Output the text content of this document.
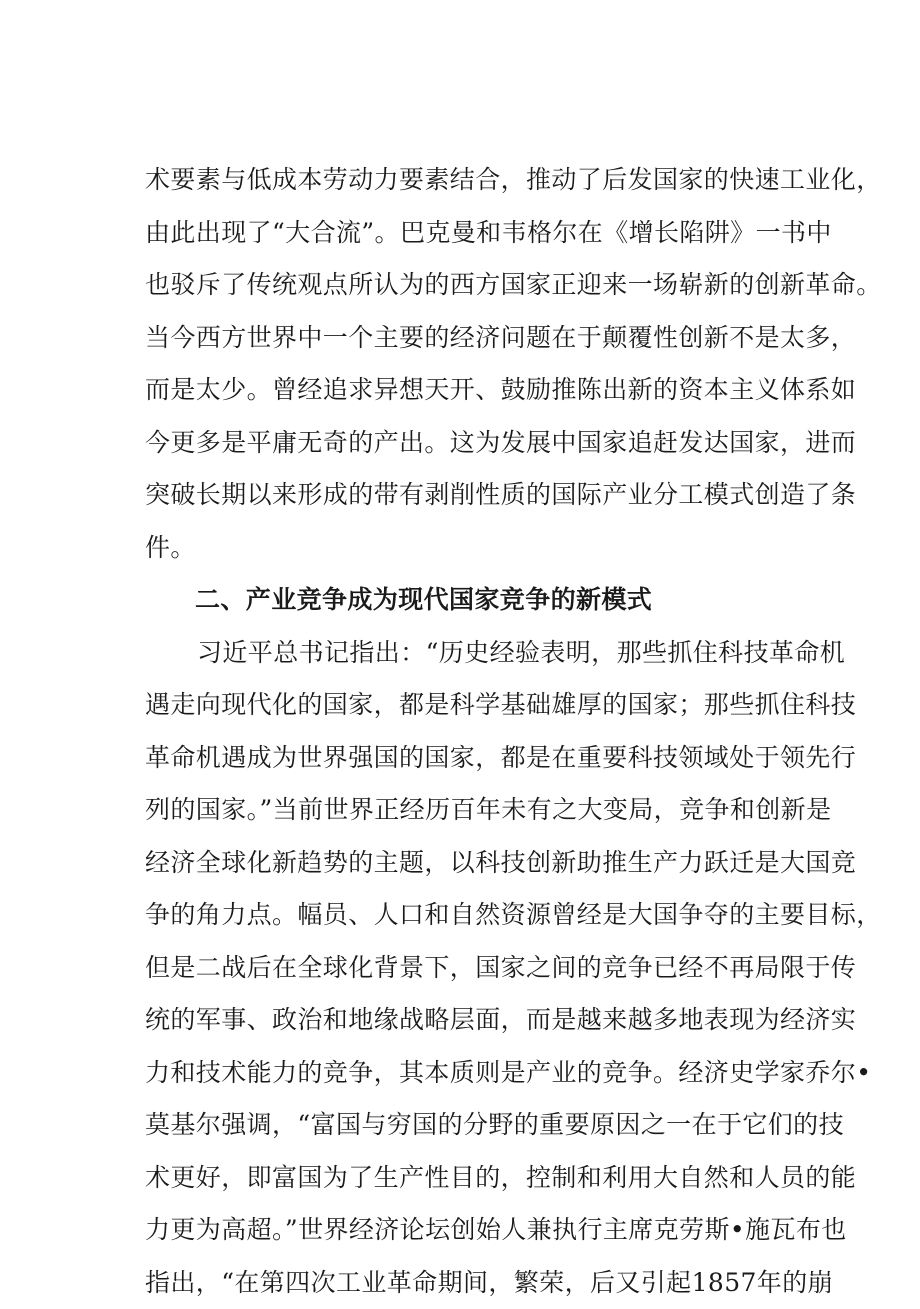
术要素与低成本劳动力要素结合，推动了后发国家的快速工业化，
由此出现了“大合流”。巴克曼和韦格尔在《增长陷阱》一书中
也驳斥了传统观点所认为的西方国家正迎来一场崭新的创新革命。
当今西方世界中一个主要的经济问题在于颠覆性创新不是太多，
而是太少。曾经追求异想天开、鼓励推陈出新的资本主义体系如
今更多是平庸无奇的产出。这为发展中国家追赶发达国家，进而
突破长期以来形成的带有剥削性质的国际产业分工模式创造了条
件。
二、产业竞争成为现代国家竞争的新模式
习近平总书记指出：“历史经验表明，那些抓住科技革命机
遇走向现代化的国家，都是科学基础雄厚的国家；那些抓住科技
革命机遇成为世界强国的国家，都是在重要科技领域处于领先行
列的国家。”当前世界正经历百年未有之大变局，竞争和创新是
经济全球化新趋势的主题，以科技创新助推生产力跃迁是大国竞
争的角力点。幅员、人口和自然资源曾经是大国争夺的主要目标，
但是二战后在全球化背景下，国家之间的竞争已经不再局限于传
统的军事、政治和地缘战略层面，而是越来越多地表现为经济实
力和技术能力的竞争，其本质则是产业的竞争。经济史学家乔尔•
莫基尔强调，“富国与穷国的分野的重要原因之一在于它们的技
术更好，即富国为了生产性目的，控制和利用大自然和人员的能
力更为高超。”世界经济论坛创始人兼执行主席克劳斯•施瓦布也
指出，“在第四次工业革命期间，繁荣，后又引起1857年的崩
